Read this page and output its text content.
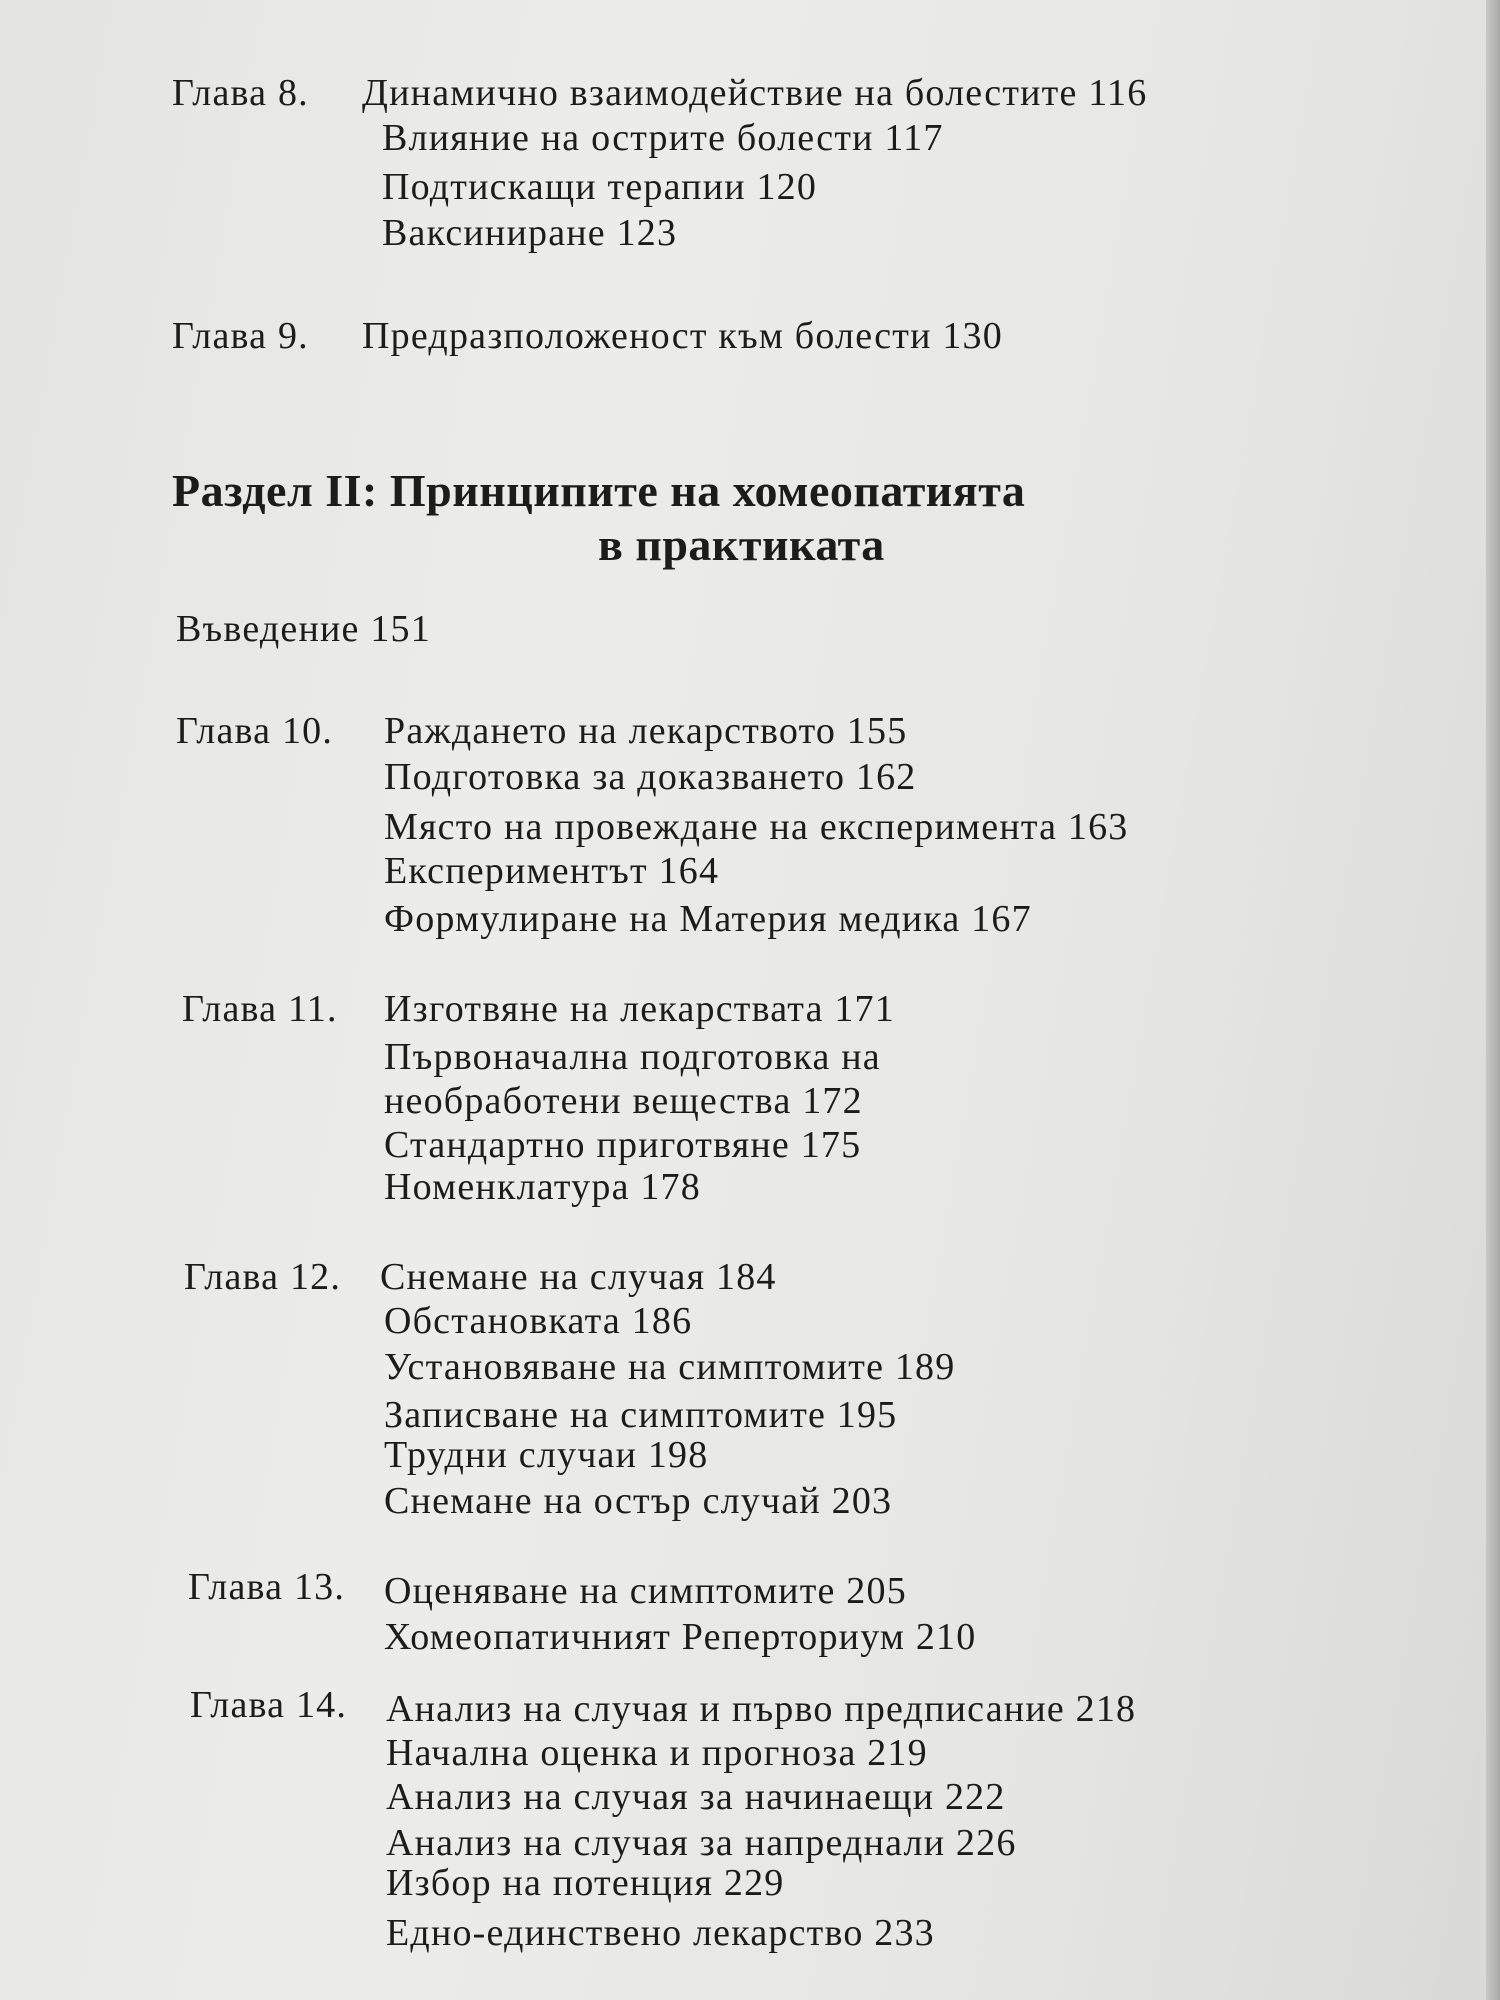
Глава 8. Динамично взаимодействие на болестите 116
Влияние на острите болести 117
Подтискащи терапии 120
Ваксиниране 123
Глава 9. Предразположеност към болести 130
Раздел II: Принципите на хомеопатията
в практиката
Въведение 151
Глава 10. Раждането на лекарството 155
Подготовка за доказването 162
Място на провеждане на експеримента 163
Експериментът 164
Формулиране на Материя медика 167
Глава 11. Изготвяне на лекарствата 171
Първоначална подготовка на
необработени вещества 172
Стандартно приготвяне 175
Номенклатура 178
Глава 12. Снемане на случая 184
Обстановката 186
Установяване на симптомите 189
Записване на симптомите 195
Трудни случаи 198
Снемане на остър случай 203
Глава 13. Оценяване на симптомите 205
Хомеопатичният Реперториум 210
Глава 14. Анализ на случая и първо предписание 218
Начална оценка и прогноза 219
Анализ на случая за начинаещи 222
Анализ на случая за напреднали 226
Избор на потенция 229
Едно-единствено лекарство 233
